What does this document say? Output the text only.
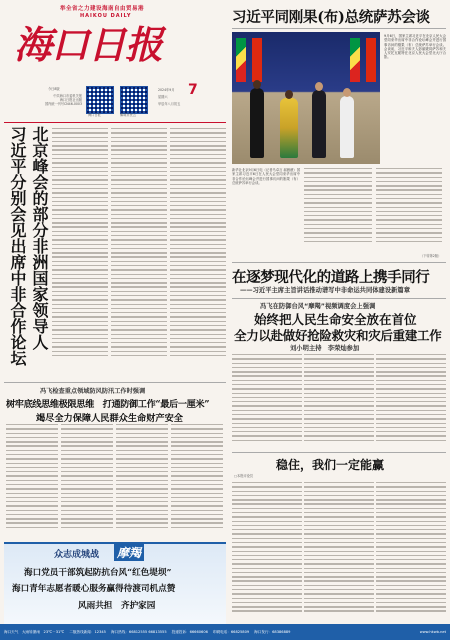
举全省之力建设海南自由贸易港
海口日报
HAIKOU DAILY
今日8版
中共海口市委机关报
海口日报社出版
国内统一刊号CN46-0003
海口日报	椰城市民云
2024年9月 7
星期六
甲辰年八月初五
习近平同刚果(布)总统萨苏会谈
9月6日，国家主席习近平在北京人民大会堂同来华出席中非合作论坛峰会并进行国事访问的刚果（布）总统萨苏举行会谈。会谈前，习近平和夫人彭丽媛同萨苏和夫人安托瓦妮特在北京人民大会堂北大厅合影。
新华社北京9月6日电（记者马卓言 郝薇薇）国家主席习近平6日在人民大会堂同来华出席中非合作论坛峰会并进行国事访问的刚果（布）总统萨苏举行会谈。
（下转第2版）
习近平分别会见出席中非合作论坛 北京峰会的部分非洲国家领导人	在逐梦现代化的道路上携手同行
——习近平主席主旨讲话推动谱写中非命运共同体建设新篇章
冯飞在防御台风“摩羯”视频调度会上强调
始终把人民生命安全放在首位
全力以赴做好抢险救灾和灾后重建工作
刘小明主持　李荣灿参加
冯飞检查重点领域防风防汛工作时强调
树牢底线思维极限思维　打通防御工作“最后一厘米”
竭尽全力保障人民群众生命财产安全
稳住，我们一定能赢
□本报评论员
众志成城战 摩羯
海口党员干部筑起防抗台风“红色堤坝”
海口青年志愿者暖心服务赢得待渡司机点赞
风雨共担　齐护家园
海口天气　大雨转暴雨　23℃－31℃ 二版热线新闻：12345 海口热线：66812555 66813555 投递投诉：66660606 印刷电话：66825809 海口发行：68386889	www.hkwb.net
